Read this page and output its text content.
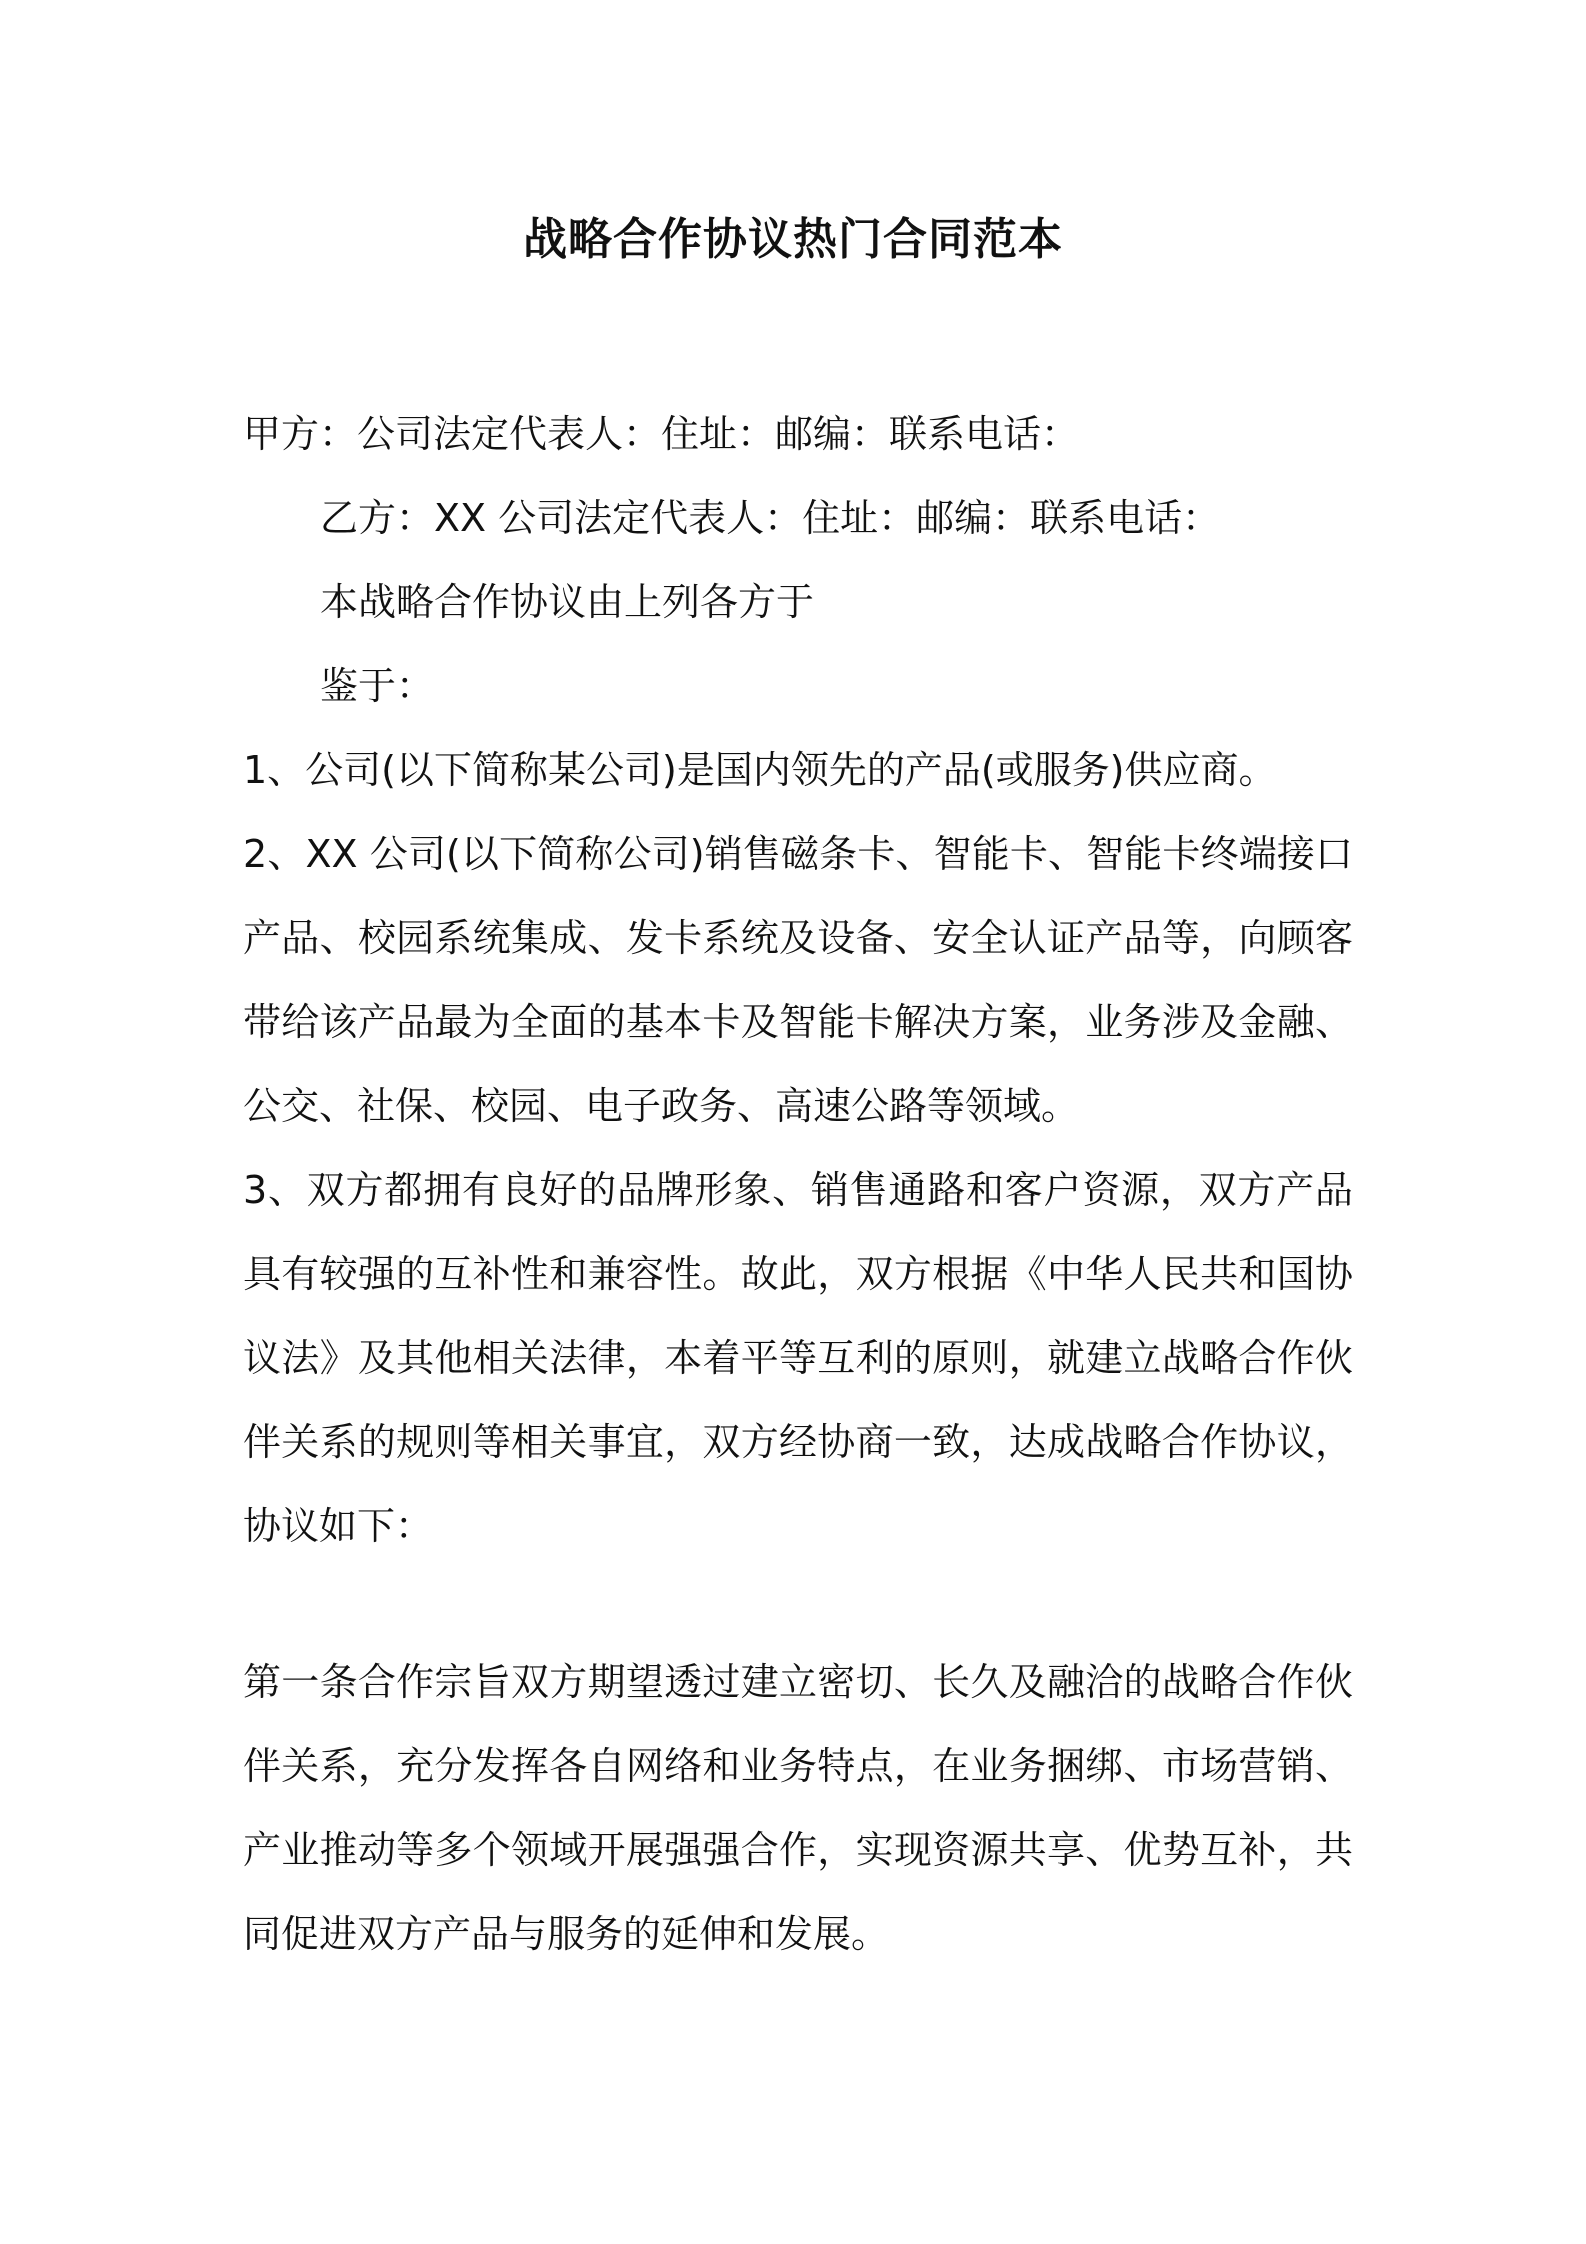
战略合作协议热门合同范本

甲方：公司法定代表人：住址：邮编：联系电话：

乙方：XX 公司法定代表人：住址：邮编：联系电话：

本战略合作协议由上列各方于

鉴于：

1、公司(以下简称某公司)是国内领先的产品(或服务)供应商。

2、XX 公司(以下简称公司)销售磁条卡、智能卡、智能卡终端接口产品、校园系统集成、发卡系统及设备、安全认证产品等，向顾客带给该产品最为全面的基本卡及智能卡解决方案，业务涉及金融、公交、社保、校园、电子政务、高速公路等领域。

3、双方都拥有良好的品牌形象、销售通路和客户资源，双方产品具有较强的互补性和兼容性。故此，双方根据《中华人民共和国协议法》及其他相关法律，本着平等互利的原则，就建立战略合作伙伴关系的规则等相关事宜，双方经协商一致，达成战略合作协议，协议如下：

第一条合作宗旨双方期望透过建立密切、长久及融洽的战略合作伙伴关系，充分发挥各自网络和业务特点，在业务捆绑、市场营销、产业推动等多个领域开展强强合作，实现资源共享、优势互补，共同促进双方产品与服务的延伸和发展。
